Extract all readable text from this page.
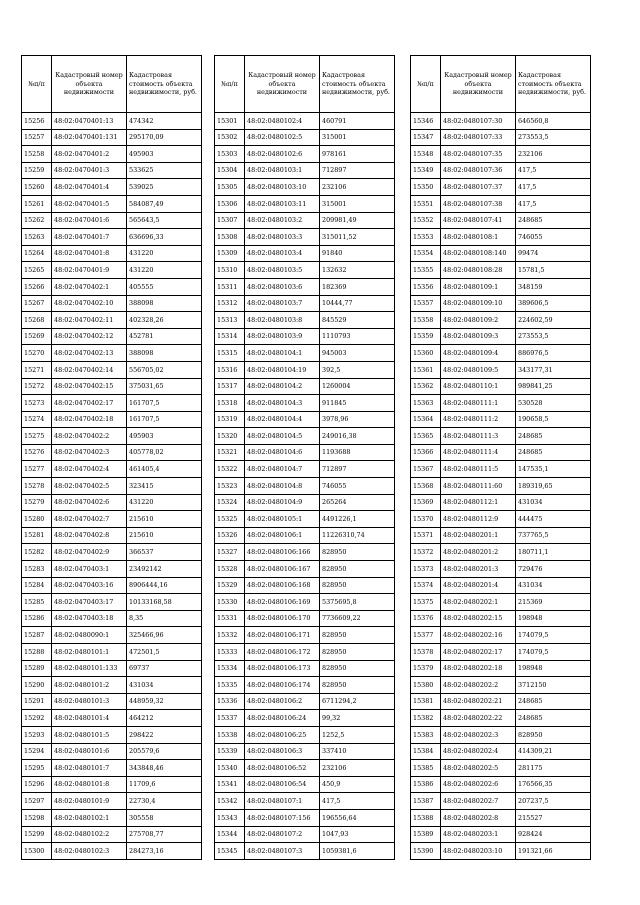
№п/п	Кадастровый номер объекта недвижимости	Кадастровая стоимость объекта недвижимости, руб.
15256	48:02:0470401:13	474342
15257	48:02:0470401:131	295170,09
15258	48:02:0470401:2	495903
15259	48:02:0470401:3	533625
15260	48:02:0470401:4	539025
15261	48:02:0470401:5	584087,49
15262	48:02:0470401:6	565643,5
15263	48:02:0470401:7	636696,33
15264	48:02:0470401:8	431220
15265	48:02:0470401:9	431220
15266	48:02:0470402:1	405555
15267	48:02:0470402:10	388098
15268	48:02:0470402:11	402328,26
15269	48:02:0470402:12	452781
15270	48:02:0470402:13	388098
15271	48:02:0470402:14	556705,02
15272	48:02:0470402:15	375031,65
15273	48:02:0470402:17	161707,5
15274	48:02:0470402:18	161707,5
15275	48:02:0470402:2	495903
15276	48:02:0470402:3	405778,02
15277	48:02:0470402:4	461405,4
15278	48:02:0470402:5	323415
15279	48:02:0470402:6	431220
15280	48:02:0470402:7	215610
15281	48:02:0470402:8	215610
15282	48:02:0470402:9	366537
15283	48:02:0470403:1	23492142
15284	48:02:0470403:16	8906444,16
15285	48:02:0470403:17	10133168,58
15286	48:02:0470403:18	8,35
15287	48:02:0480090:1	325466,96
15288	48:02:0480101:1	472501,5
15289	48:02:0480101:133	69737
15290	48:02:0480101:2	431034
15291	48:02:0480101:3	448959,32
15292	48:02:0480101:4	464212
15293	48:02:0480101:5	298422
15294	48:02:0480101:6	205579,6
15295	48:02:0480101:7	343848,46
15296	48:02:0480101:8	11709,6
15297	48:02:0480101:9	22730,4
15298	48:02:0480102:1	305558
15299	48:02:0480102:2	275708,77
15300	48:02:0480102:3	284273,16
№п/п	Кадастровый номер объекта недвижимости	Кадастровая стоимость объекта недвижимости, руб.
15301	48:02:0480102:4	460791
15302	48:02:0480102:5	315001
15303	48:02:0480102:6	978161
15304	48:02:0480103:1	712897
15305	48:02:0480103:10	232106
15306	48:02:0480103:11	315001
15307	48:02:0480103:2	209981,49
15308	48:02:0480103:3	315011,52
15309	48:02:0480103:4	91840
15310	48:02:0480103:5	132632
15311	48:02:0480103:6	182369
15312	48:02:0480103:7	10444,77
15313	48:02:0480103:8	845529
15314	48:02:0480103:9	1110793
15315	48:02:0480104:1	945003
15316	48:02:0480104:19	392,5
15317	48:02:0480104:2	1260004
15318	48:02:0480104:3	911845
15319	48:02:0480104:4	3978,96
15320	48:02:0480104:5	249016,38
15321	48:02:0480104:6	1193688
15322	48:02:0480104:7	712897
15323	48:02:0480104:8	746055
15324	48:02:0480104:9	265264
15325	48:02:0480105:1	4491226,1
15326	48:02:0480106:1	11226310,74
15327	48:02:0480106:166	828950
15328	48:02:0480106:167	828950
15329	48:02:0480106:168	828950
15330	48:02:0480106:169	5375695,8
15331	48:02:0480106:170	7736609,22
15332	48:02:0480106:171	828950
15333	48:02:0480106:172	828950
15334	48:02:0480106:173	828950
15335	48:02:0480106:174	828950
15336	48:02:0480106:2	6711294,2
15337	48:02:0480106:24	99,32
15338	48:02:0480106:25	1252,5
15339	48:02:0480106:3	337410
15340	48:02:0480106:52	232106
15341	48:02:0480106:54	450,9
15342	48:02:0480107:1	417,5
15343	48:02:0480107:156	196556,64
15344	48:02:0480107:2	1047,93
15345	48:02:0480107:3	1059381,6
№п/п	Кадастровый номер объекта недвижимости	Кадастровая стоимость объекта недвижимости, руб.
15346	48:02:0480107:30	646560,8
15347	48:02:0480107:33	273553,5
15348	48:02:0480107:35	232106
15349	48:02:0480107:36	417,5
15350	48:02:0480107:37	417,5
15351	48:02:0480107:38	417,5
15352	48:02:0480107:41	248685
15353	48:02:0480108:1	746055
15354	48:02:0480108:140	99474
15355	48:02:0480108:28	15781,5
15356	48:02:0480109:1	348159
15357	48:02:0480109:10	389606,5
15358	48:02:0480109:2	224602,59
15359	48:02:0480109:3	273553,5
15360	48:02:0480109:4	886976,5
15361	48:02:0480109:5	343177,31
15362	48:02:0480110:1	989841,25
15363	48:02:0480111:1	530528
15364	48:02:0480111:2	190658,5
15365	48:02:0480111:3	248685
15366	48:02:0480111:4	248685
15367	48:02:0480111:5	147535,1
15368	48:02:0480111:60	189319,65
15369	48:02:0480112:1	431034
15370	48:02:0480112:9	444475
15371	48:02:0480201:1	737765,5
15372	48:02:0480201:2	180711,1
15373	48:02:0480201:3	729476
15374	48:02:0480201:4	431034
15375	48:02:0480202:1	215369
15376	48:02:0480202:15	198948
15377	48:02:0480202:16	174079,5
15378	48:02:0480202:17	174079,5
15379	48:02:0480202:18	198948
15380	48:02:0480202:2	3712150
15381	48:02:0480202:21	248685
15382	48:02:0480202:22	248685
15383	48:02:0480202:3	828950
15384	48:02:0480202:4	414309,21
15385	48:02:0480202:5	281175
15386	48:02:0480202:6	176566,35
15387	48:02:0480202:7	207237,5
15388	48:02:0480202:8	215527
15389	48:02:0480203:1	928424
15390	48:02:0480203:10	191321,66
